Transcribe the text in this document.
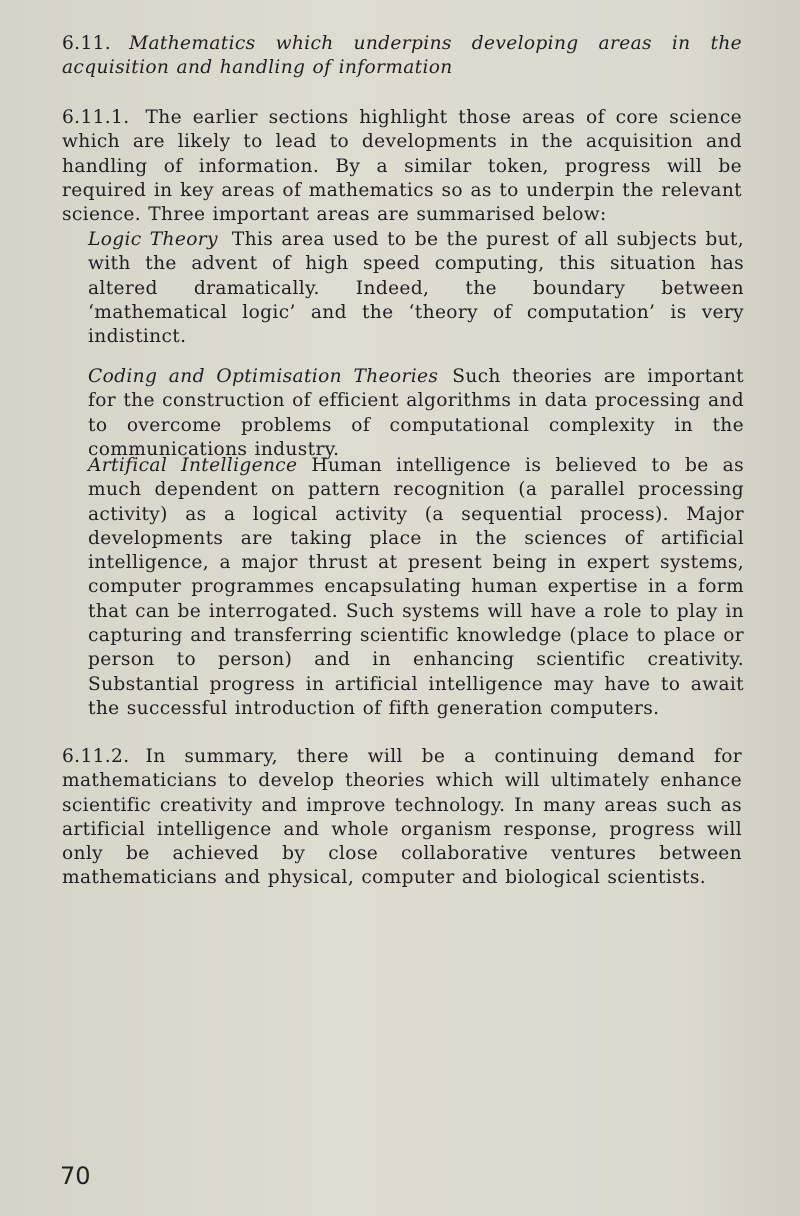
6.11. Mathematics which underpins developing areas in the acquisition and handling of information

6.11.1. The earlier sections highlight those areas of core science which are likely to lead to developments in the acquisition and handling of information. By a similar token, progress will be required in key areas of mathematics so as to underpin the relevant science. Three important areas are summarised below:

Logic Theory This area used to be the purest of all subjects but, with the advent of high speed computing, this situation has altered dramatically. Indeed, the boundary between ‘mathematical logic’ and the ‘theory of computation’ is very indistinct.

Coding and Optimisation Theories Such theories are important for the construction of efficient algorithms in data processing and to overcome problems of computational complexity in the communications industry.

Artifical Intelligence Human intelligence is believed to be as much dependent on pattern recognition (a parallel processing activity) as a logical activity (a sequential process). Major developments are taking place in the sciences of artificial intelligence, a major thrust at present being in expert systems, computer programmes encapsulating human expertise in a form that can be interrogated. Such systems will have a role to play in capturing and transferring scientific knowledge (place to place or person to person) and in enhancing scientific creativity. Substantial progress in artificial intelligence may have to await the successful introduction of fifth generation computers.

6.11.2. In summary, there will be a continuing demand for mathematicians to develop theories which will ultimately enhance scientific creativity and improve technology. In many areas such as artificial intelligence and whole organism response, progress will only be achieved by close collaborative ventures between mathematicians and physical, computer and biological scientists.

70
